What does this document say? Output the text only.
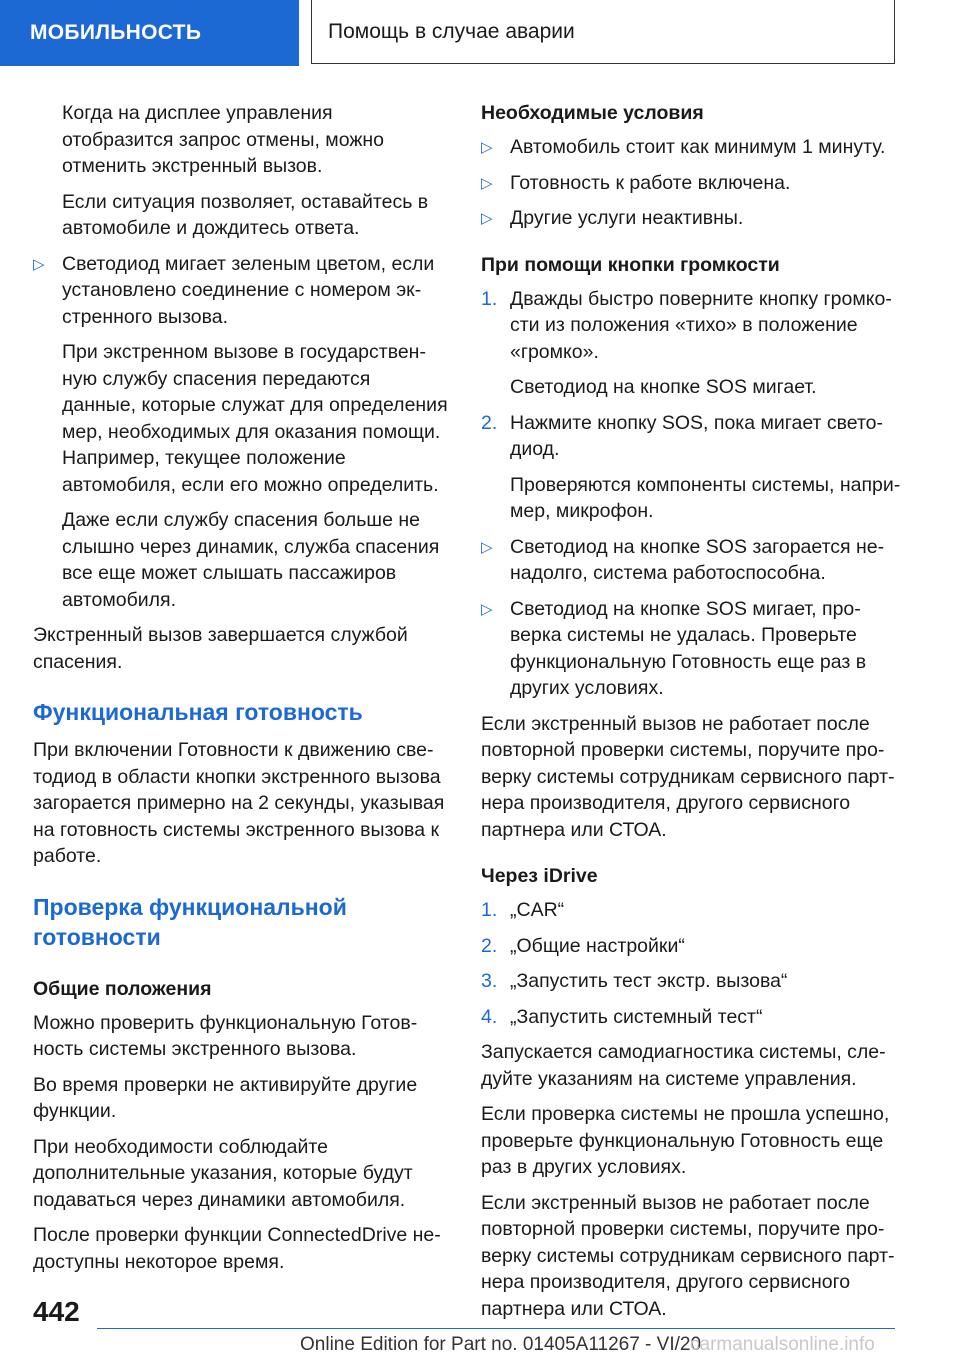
МОБИЛЬНОСТЬ	Помощь в случае аварии

Когда на дисплее управления отобразится запрос отмены, можно отменить экстренный вызов.

Если ситуация позволяет, оставайтесь в автомобиле и дождитесь ответа.

▷ Светодиод мигает зеленым цветом, если установлено соединение с номером экстренного вызова.

При экстренном вызове в государственную службу спасения передаются данные, которые служат для определения мер, необходимых для оказания помощи. Например, текущее положение автомобиля, если его можно определить.

Даже если службу спасения больше не слышно через динамик, служба спасения все еще может слышать пассажиров автомобиля.

Экстренный вызов завершается службой спасения.

Функциональная готовность

При включении Готовности к движению светодиод в области кнопки экстренного вызова загорается примерно на 2 секунды, указывая на готовность системы экстренного вызова к работе.

Проверка функциональной готовности
Общие положения

Можно проверить функциональную Готовность системы экстренного вызова.

Во время проверки не активируйте другие функции.

При необходимости соблюдайте дополнительные указания, которые будут подаваться через динамики автомобиля.

После проверки функции ConnectedDrive недоступны некоторое время.

Необходимые условия
▷ Автомобиль стоит как минимум 1 минуту.
▷ Готовность к работе включена.
▷ Другие услуги неактивны.
При помощи кнопки громкости
1. Дважды быстро поверните кнопку громкости из положения «тихо» в положение «громко».

Светодиод на кнопке SOS мигает.

2. Нажмите кнопку SOS, пока мигает светодиод.

Проверяются компоненты системы, например, микрофон.

▷ Светодиод на кнопке SOS загорается ненадолго, система работоспособна.
▷ Светодиод на кнопке SOS мигает, проверка системы не удалась. Проверьте функциональную Готовность еще раз в других условиях.

Если экстренный вызов не работает после повторной проверки системы, поручите проверку системы сотрудникам сервисного партнера производителя, другого сервисного партнера или СТОА.

Через iDrive
1. „CAR“
2. „Общие настройки“
3. „Запустить тест экстр. вызова“
4. „Запустить системный тест“

Запускается самодиагностика системы, следуйте указаниям на системе управления.

Если проверка системы не прошла успешно, проверьте функциональную Готовность еще раз в других условиях.

Если экстренный вызов не работает после повторной проверки системы, поручите проверку системы сотрудникам сервисного партнера производителя, другого сервисного партнера или СТОА.

442
Online Edition for Part no. 01405A11267 - VI/20
carmanualsonline.info
